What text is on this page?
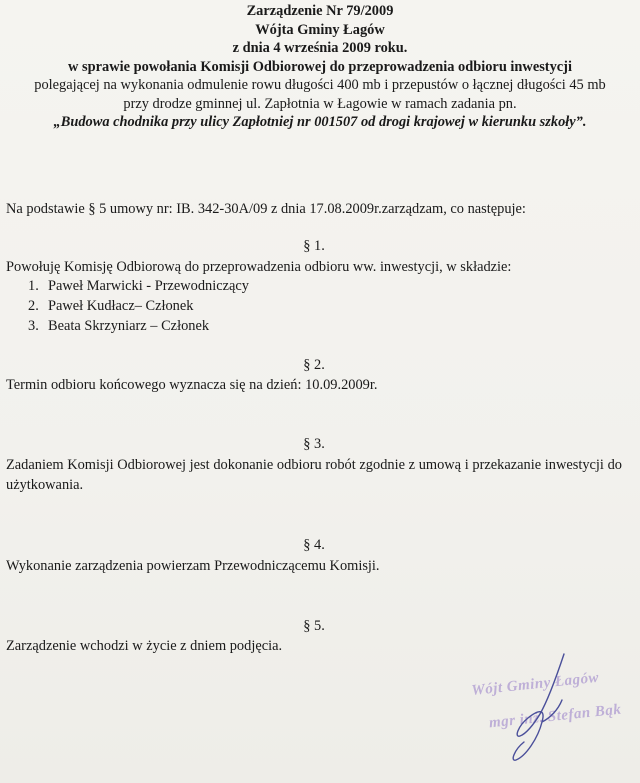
Zarządzenie Nr 79/2009
Wójta Gminy Łagów
z dnia 4 września 2009 roku.
w sprawie powołania Komisji Odbiorowej do przeprowadzenia odbioru inwestycji
polegającej na wykonania odmulenie rowu długości 400 mb i przepustów o łącznej długości 45 mb
przy drodze gminnej ul. Zapłotnia w Łagowie w ramach zadania pn.
„Budowa chodnika przy ulicy Zapłotniej nr 001507 od drogi krajowej w kierunku szkoły”.
Na podstawie § 5 umowy nr: IB. 342-30A/09 z dnia 17.08.2009r.zarządzam, co następuje:
§ 1.
Powołuję Komisję Odbiorową do przeprowadzenia odbioru ww. inwestycji, w składzie:
1. Paweł Marwicki - Przewodniczący
2. Paweł Kudłacz– Członek
3. Beata Skrzyniarz – Członek
§ 2.
Termin odbioru końcowego wyznacza się na dzień: 10.09.2009r.
§ 3.
Zadaniem Komisji Odbiorowej jest dokonanie odbioru robót zgodnie z umową i przekazanie inwestycji do użytkowania.
§ 4.
Wykonanie zarządzenia powierzam Przewodniczącemu Komisji.
§ 5.
Zarządzenie wchodzi w życie z dniem podjęcia.
Wójt Gminy Łagów
mgr inż. Stefan Bąk
